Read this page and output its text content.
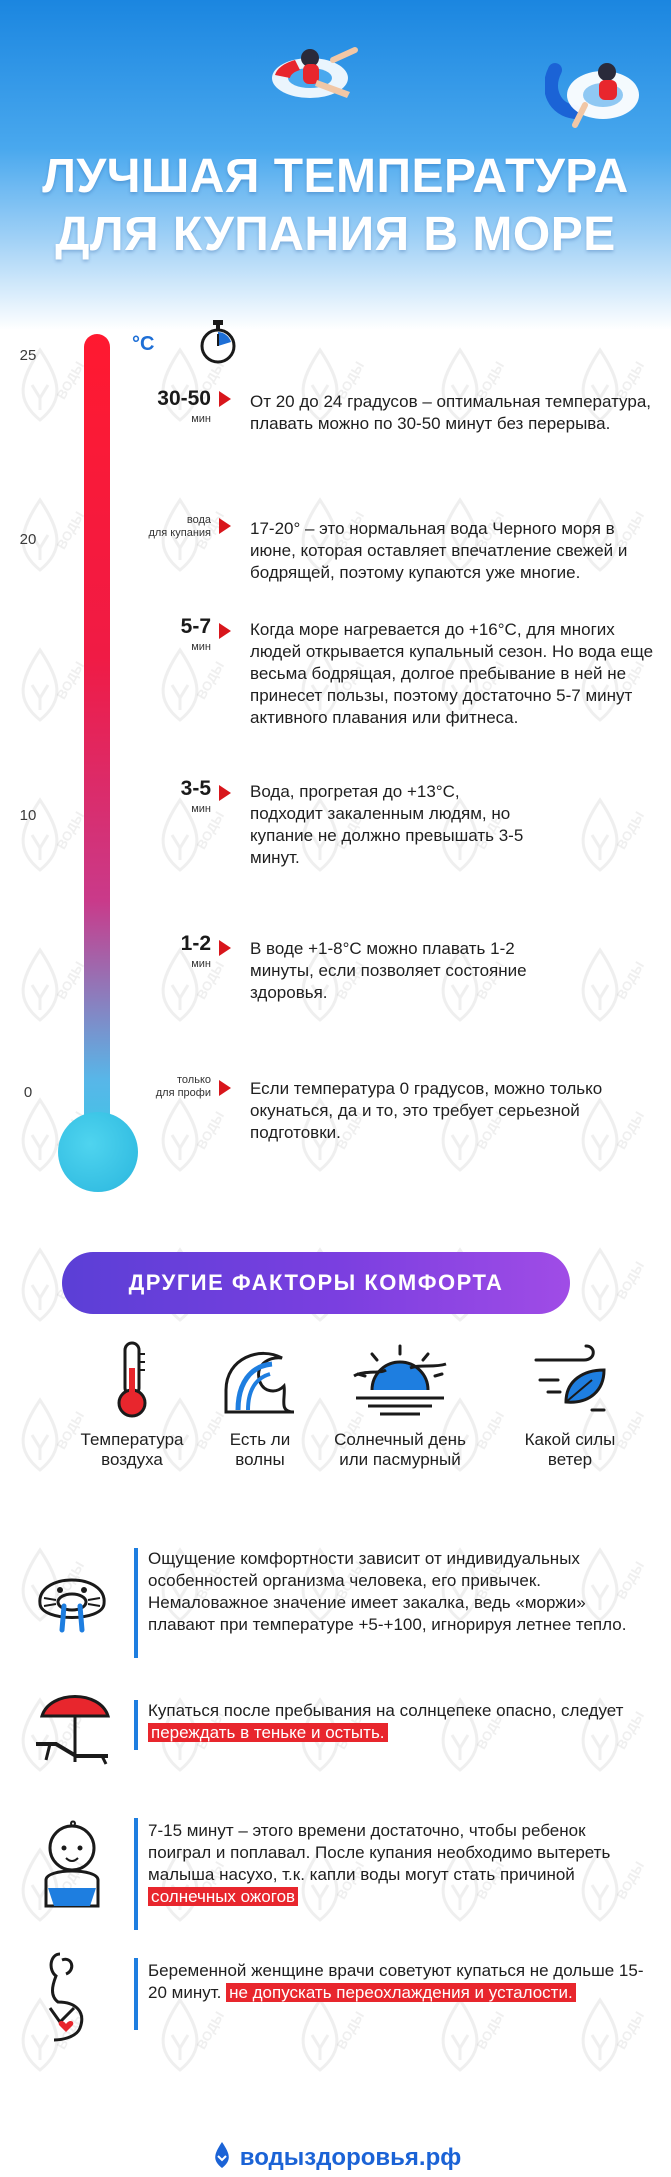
ЛУЧШАЯ ТЕМПЕРАТУРА
ДЛЯ КУПАНИЯ В МОРЕ
25
20
10
0
°C
30-50
мин
От 20 до 24 градусов – оптимальная температура, плавать можно по 30-50 минут без перерыва.
вода
для купания 17-20° – это нормальная вода Черного моря в июне, которая оставляет впечатление свежей и бодрящей, поэтому купаются уже многие.
5-7
мин
Когда море нагревается до +16°С, для многих людей открывается купальный сезон. Но вода еще весьма бодрящая, долгое пребывание в ней не принесет пользы, поэтому достаточно 5-7 минут активного плавания или фитнеса.
3-5
мин
Вода, прогретая до +13°С, подходит закаленным людям, но купание не должно превышать 3-5 минут.
1-2
мин
В воде +1-8°С можно плавать 1-2 минуты, если позволяет состояние здоровья.
только
для профи Если температура 0 градусов, можно только окунаться, да и то, это требует серьезной подготовки.
ДРУГИЕ ФАКТОРЫ КОМФОРТА
Температура
воздуха
Есть ли
волны
Солнечный день
или пасмурный
Какой силы
ветер
Ощущение комфортности зависит от индивидуальных особенностей организма человека, его привычек. Немаловажное значение имеет закалка, ведь «моржи» плавают при температуре +5-+100, игнорируя летнее тепло.
Купаться после пребывания на солнцепеке опасно, следует переждать в теньке и остыть.
7-15 минут – этого времени достаточно, чтобы ребенок поиграл и поплавал. После купания необходимо вытереть малыша насухо, т.к. капли воды могут стать причиной солнечных ожогов
Беременной женщине врачи советуют купаться не дольше 15-20 минут. не допускать переохлаждения и усталости.
водыздоровья.рф
